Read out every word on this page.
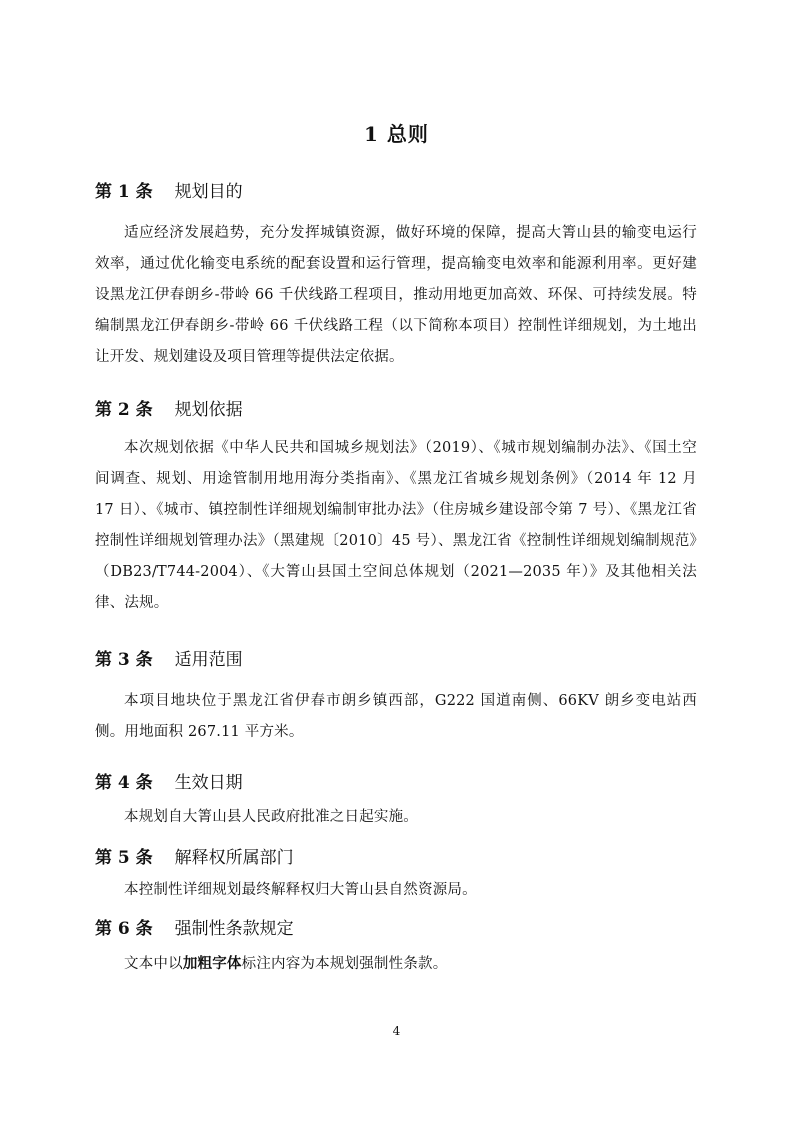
1 总则
第 1 条 规划目的
适应经济发展趋势，充分发挥城镇资源，做好环境的保障，提高大箐山县的输变电运行效率，通过优化输变电系统的配套设置和运行管理，提高输变电效率和能源利用率。更好建设黑龙江伊春朗乡-带岭 66 千伏线路工程项目，推动用地更加高效、环保、可持续发展。特编制黑龙江伊春朗乡-带岭 66 千伏线路工程（以下简称本项目）控制性详细规划，为土地出让开发、规划建设及项目管理等提供法定依据。
第 2 条 规划依据
本次规划依据《中华人民共和国城乡规划法》（2019）、《城市规划编制办法》、《国土空间调查、规划、用途管制用地用海分类指南》、《黑龙江省城乡规划条例》（2014 年 12 月 17 日）、《城市、镇控制性详细规划编制审批办法》（住房城乡建设部令第 7 号）、《黑龙江省控制性详细规划管理办法》（黑建规〔2010〕45 号）、黑龙江省《控制性详细规划编制规范》（DB23/T744-2004）、《大箐山县国土空间总体规划（2021—2035 年）》及其他相关法律、法规。
第 3 条 适用范围
本项目地块位于黑龙江省伊春市朗乡镇西部，G222 国道南侧、66KV 朗乡变电站西侧。用地面积 267.11 平方米。
第 4 条 生效日期
本规划自大箐山县人民政府批准之日起实施。
第 5 条 解释权所属部门
本控制性详细规划最终解释权归大箐山县自然资源局。
第 6 条 强制性条款规定
文本中以加粗字体标注内容为本规划强制性条款。
4
